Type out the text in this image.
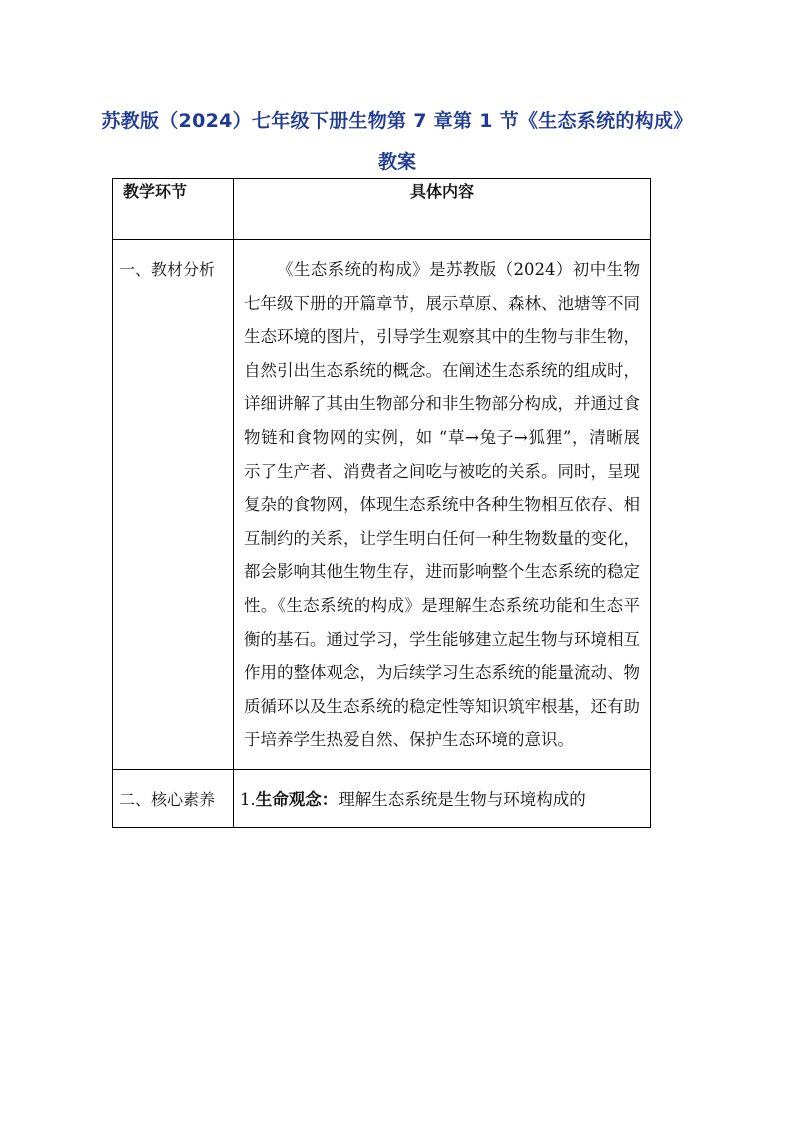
苏教版（2024）七年级下册生物第 7 章第 1 节《生态系统的构成》
教案
教学环节	具体内容
一、教材分析	《生态系统的构成》是苏教版（2024）初中生物七年级下册的开篇章节，展示草原、森林、池塘等不同生态环境的图片，引导学生观察其中的生物与非生物，自然引出生态系统的概念。在阐述生态系统的组成时，详细讲解了其由生物部分和非生物部分构成，并通过食物链和食物网的实例，如 “草→兔子→狐狸”，清晰展示了生产者、消费者之间吃与被吃的关系。同时，呈现复杂的食物网，体现生态系统中各种生物相互依存、相互制约的关系，让学生明白任何一种生物数量的变化，都会影响其他生物生存，进而影响整个生态系统的稳定性。《生态系统的构成》是理解生态系统功能和生态平衡的基石。通过学习，学生能够建立起生物与环境相互作用的整体观念，为后续学习生态系统的能量流动、物质循环以及生态系统的稳定性等知识筑牢根基，还有助于培养学生热爱自然、保护生态环境的意识。

二、核心素养	1.生命观念：理解生态系统是生物与环境构成的
